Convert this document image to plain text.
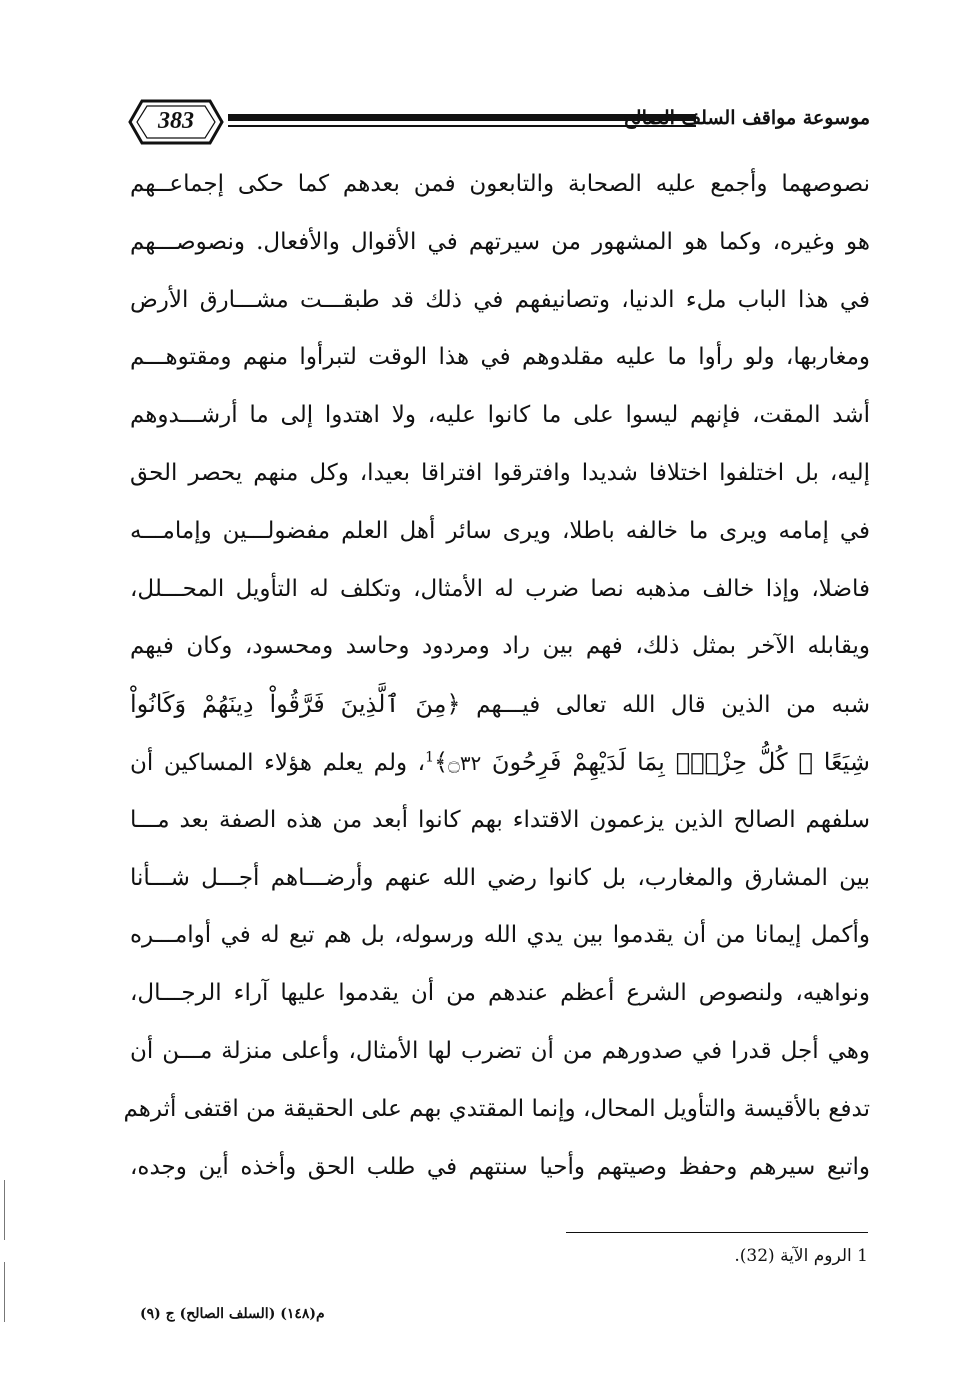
383	موسوعة مواقف السلف الصالح
نصوصهما وأجمع عليه الصحابة والتابعون فمن بعدهم كما حكى إجماعــهم
هو وغيره، وكما هو المشهور من سيرتهم في الأقوال والأفعال. ونصوصـــهم
في هذا الباب ملء الدنيا، وتصانيفهم في ذلك قد طبقـــت مشـــارق الأرض
ومغاربها، ولو رأوا ما عليه مقلدوهم في هذا الوقت لتبرأوا منهم ومقتوهـــم
أشد المقت، فإنهم ليسوا على ما كانوا عليه، ولا اهتدوا إلى ما أرشـــدوهم
إليه، بل اختلفوا اختلافا شديدا وافترقوا افتراقا بعيدا، وكل منهم يحصر الحق
في إمامه ويرى ما خالفه باطلا، ويرى سائر أهل العلم مفضولـــين وإمامـــه
فاضلا، وإذا خالف مذهبه نصا ضرب له الأمثال، وتكلف له التأويل المحـــلل،
ويقابله الآخر بمثل ذلك، فهم بين راد ومردود وحاسد ومحسود، وكان فيهم
شبه من الذين قال الله تعالى فيـــهم ﴿مِنَ ٱلَّذِينَ فَرَّقُواْ دِينَهُمْ وَكَانُواْ
شِيَعًا ۖ كُلُّ حِزْبِۭ بِمَا لَدَيْهِمْ فَرِحُونَ ۝٣٢﴾$^1$، ولم يعلم هؤلاء المساكين أن
سلفهم الصالح الذين يزعمون الاقتداء بهم كانوا أبعد من هذه الصفة بعد مـــا
بين المشارق والمغارب، بل كانوا رضي الله عنهم وأرضـــاهم أجـــل شـــأنا
وأكمل إيمانا من أن يقدموا بين يدي الله ورسوله، بل هم تبع له في أوامـــره
ونواهيه، ولنصوص الشرع أعظم عندهم من أن يقدموا عليها آراء الرجـــال،
وهي أجل قدرا في صدورهم من أن تضرب لها الأمثال، وأعلى منزلة مـــن أن
تدفع بالأقيسة والتأويل المحال، وإنما المقتدي بهم على الحقيقة من اقتفى أثرهم
واتبع سيرهم وحفظ وصيتهم وأحيا سنتهم في طلب الحق وأخذه أين وجده،
1 الروم الآية (32).
م(١٤٨) (السلف الصالح) ج (٩)
